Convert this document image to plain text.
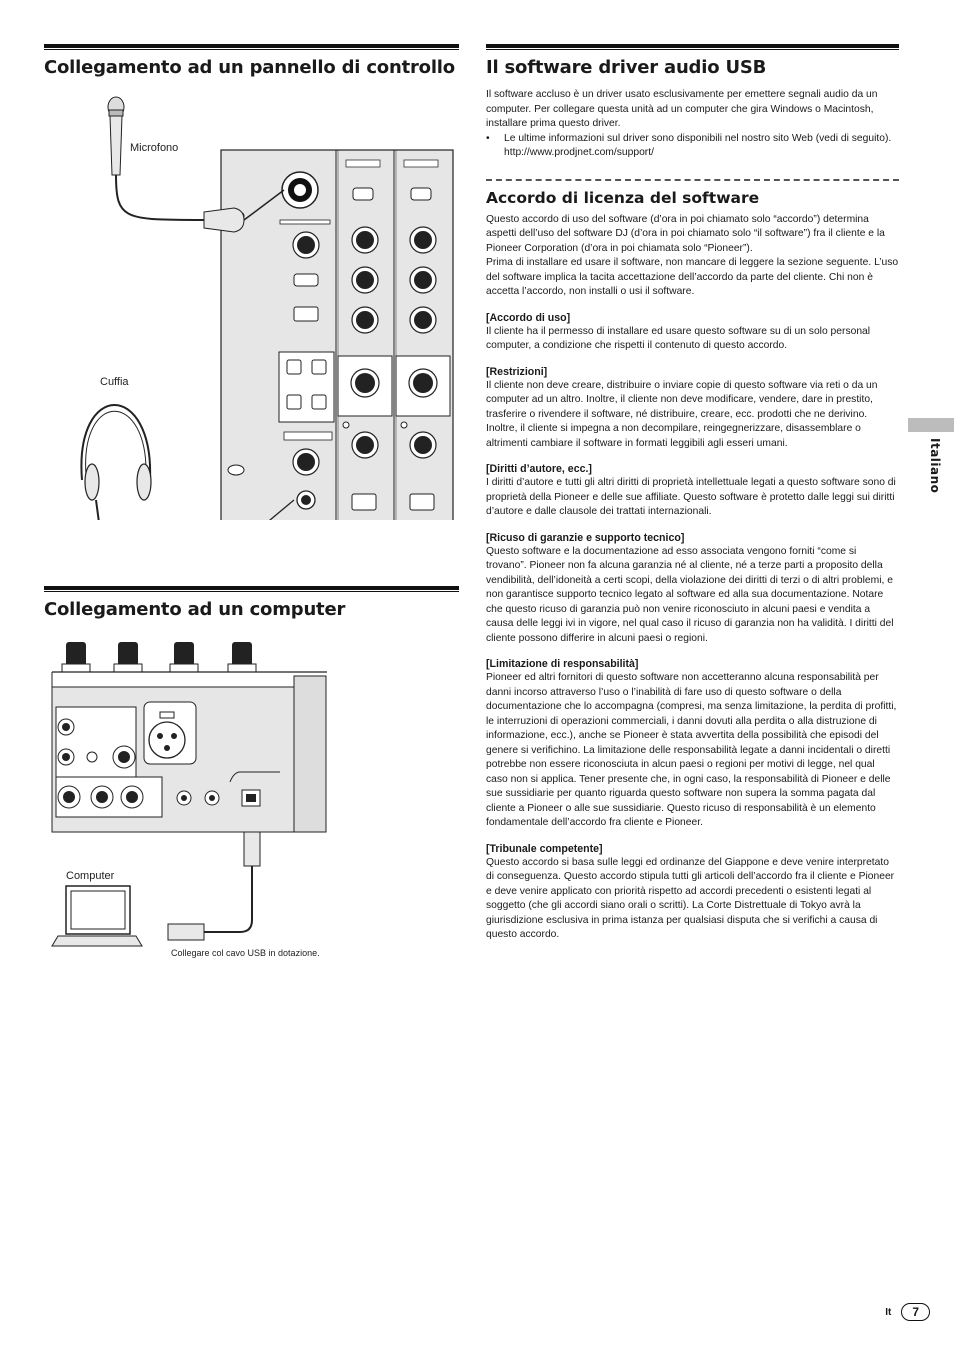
Collegamento ad un pannello di controllo
Microfono
Cuffia
Collegamento ad un computer
Computer
Collegare col cavo USB in dotazione.
Il software driver audio USB

Il software accluso è un driver usato esclusivamente per emettere segnali audio da un computer. Per collegare questa unità ad un computer che gira Windows o Macintosh, installare prima questo driver.

•	Le ultime informazioni sul driver sono disponibili nel nostro sito Web (vedi di seguito).

http://www.prodjnet.com/support/

Accordo di licenza del software

Questo accordo di uso del software (d’ora in poi chiamato solo “accordo”) determina aspetti dell’uso del software DJ (d’ora in poi chiamato solo “il software”) fra il cliente e la Pioneer Corporation (d’ora in poi chiamata solo “Pioneer”).

Prima di installare ed usare il software, non mancare di leggere la sezione seguente. L’uso del software implica la tacita accettazione dell’accordo da parte del cliente. Chi non è accetta l’accordo, non installi o usi il software.

[Accordo di uso]

Il cliente ha il permesso di installare ed usare questo software su di un solo personal computer, a condizione che rispetti il contenuto di questo accordo.

[Restrizioni]

Il cliente non deve creare, distribuire o inviare copie di questo software via reti o da un computer ad un altro. Inoltre, il cliente non deve modificare, vendere, dare in prestito, trasferire o rivendere il software, né distribuire, creare, ecc. prodotti che ne derivino. Inoltre, il cliente si impegna a non decompilare, reingegnerizzare, disassemblare o altrimenti cambiare il software in formati leggibili agli esseri umani.

[Diritti d’autore, ecc.]

I diritti d’autore e tutti gli altri diritti di proprietà intellettuale legati a questo software sono di proprietà della Pioneer e delle sue affiliate. Questo software è protetto dalle leggi sui diritti d’autore e dalle clausole dei trattati internazionali.

[Ricuso di garanzie e supporto tecnico]

Questo software e la documentazione ad esso associata vengono forniti “come si trovano”. Pioneer non fa alcuna garanzia né al cliente, né a terze parti a proposito della vendibilità, dell’idoneità a certi scopi, della violazione dei diritti di terzi o di altri problemi, e non garantisce supporto tecnico legato al software ed alla sua documentazione. Notare che questo ricuso di garanzia può non venire riconosciuto in alcuni paesi e vendita a causa delle leggi ivi in vigore, nel qual caso il ricuso di garanzia non ha validità. I diritti del cliente possono differire in alcuni paesi o regioni.

[Limitazione di responsabilità]

Pioneer ed altri fornitori di questo software non accetteranno alcuna responsabilità per danni incorso attraverso l’uso o l’inabilità di fare uso di questo software o della documentazione che lo accompagna (compresi, ma senza limitazione, la perdita di profitti, le interruzioni di operazioni commerciali, i danni dovuti alla perdita o alla distruzione di informazione, ecc.), anche se Pioneer è stata avvertita della possibilità che episodi del genere si verifichino. La limitazione delle responsabilità legate a danni incidentali o diretti potrebbe non essere riconosciuta in alcun paesi o regioni per motivi di legge, nel qual caso non si applica. Tener presente che, in ogni caso, la responsabilità di Pioneer e delle sue sussidiarie per quanto riguarda questo software non supera la somma pagata dal cliente a Pioneer o alle sue sussidiarie. Questo ricuso di responsabilità è un elemento fondamentale dell’accordo fra cliente e Pioneer.

[Tribunale competente]

Questo accordo si basa sulle leggi ed ordinanze del Giappone e deve venire interpretato di conseguenza. Questo accordo stipula tutti gli articoli dell’accordo fra il cliente e Pioneer e deve venire applicato con priorità rispetto ad accordi precedenti o esistenti legati al soggetto (che gli accordi siano orali o scritti). La Corte Distrettuale di Tokyo avrà la giurisdizione esclusiva in prima istanza per qualsiasi disputa che si verifichi a causa di questo accordo.

Italiano
It	7
